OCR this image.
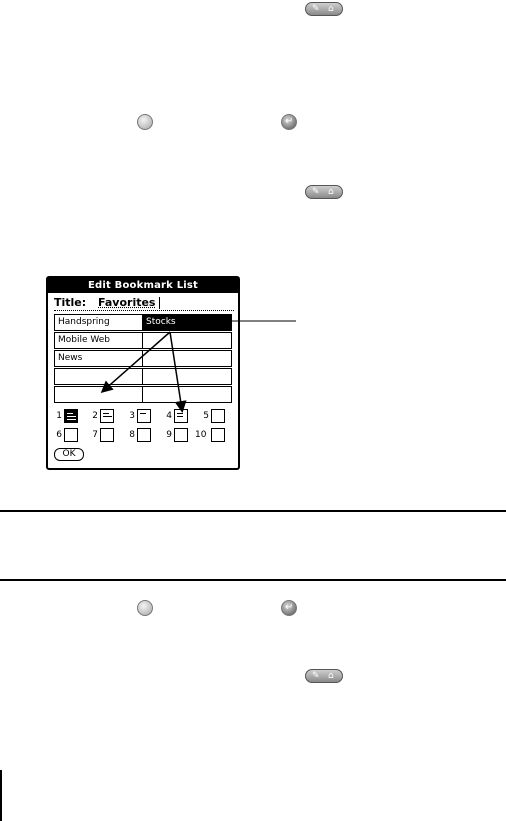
✎ ⌂
↵
✎ ⌂
Edit Bookmark List
Title: Favorites
Handspring	Stocks
Mobile Web
News
1	2	3	4	5
6	7	8	9	10
OK
↵
✎ ⌂
